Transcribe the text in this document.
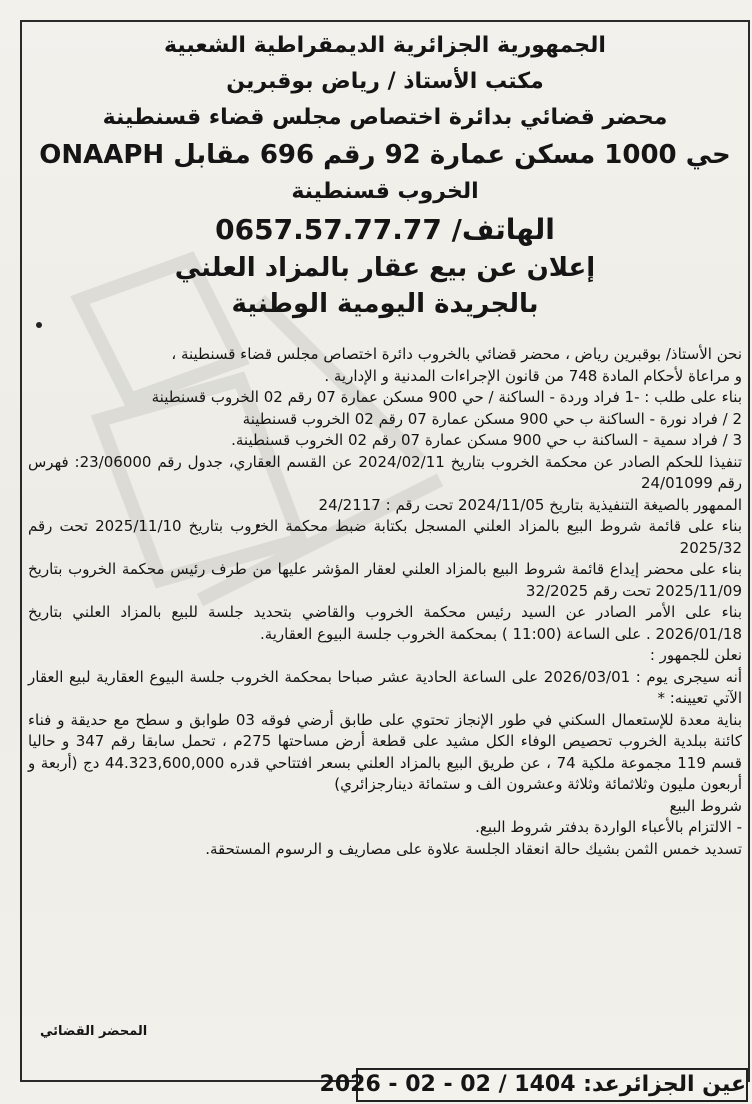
الجمهورية الجزائرية الديمقراطية الشعبية
مكتب الأستاذ / رياض بوقبرين
محضر قضائي بدائرة اختصاص مجلس قضاء قسنطينة
حي 1000 مسكن عمارة 92 رقم 696 مقابل ONAAPH
الخروب قسنطينة
الهاتف/ 0657.57.77.77
إعلان عن بيع عقار بالمزاد العلني
بالجريدة اليومية الوطنية

نحن الأستاذ/ بوقبرين رياض ، محضر قضائي بالخروب دائرة اختصاص مجلس قضاء قسنطينة ،

و مراعاة لأحكام المادة 748 من قانون الإجراءات المدنية و الإدارية .

بناء على طلب : -1 فراد وردة - الساكنة / حي 900 مسكن عمارة 07 رقم 02 الخروب قسنطينة

2 / فراد نورة - الساكنة ب حي 900 مسكن عمارة 07 رقم 02 الخروب قسنطينة

3 / فراد سمية - الساكنة ب حي 900 مسكن عمارة 07 رقم 02 الخروب قسنطينة.

تنفيذا للحكم الصادر عن محكمة الخروب بتاريخ 2024/02/11 عن القسم العقاري، جدول رقم 23/06000: فهرس رقم 24/01099

الممهور بالصيغة التنفيذية بتاريخ 2024/11/05 تحت رقم : 24/2117

بناء على قائمة شروط البيع بالمزاد العلني المسجل بكتابة ضبط محكمة الخروب بتاريخ 2025/11/10 تحت رقم 2025/32

بناء على محضر إيداع قائمة شروط البيع بالمزاد العلني لعقار المؤشر عليها من طرف رئيس محكمة الخروب بتاريخ 2025/11/09 تحت رقم 32/2025

بناء على الأمر الصادر عن السيد رئيس محكمة الخروب والقاضي بتحديد جلسة للبيع بالمزاد العلني بتاريخ 2026/01/18 . على الساعة (11:00 ) بمحكمة الخروب جلسة البيوع العقارية.

نعلن للجمهور :

أنه سيجرى يوم : 2026/03/01 على الساعة الحادية عشر صباحا بمحكمة الخروب جلسة البيوع العقارية لبيع العقار الآتي تعيينه: *

بناية معدة للإستعمال السكني في طور الإنجاز تحتوي على طابق أرضي فوقه 03 طوابق و سطح مع حديقة و فناء كائنة ببلدية الخروب تحصيص الوفاء الكل مشيد على قطعة أرض مساحتها 275م ، تحمل سابقا رقم 347 و حاليا قسم 119 مجموعة ملكية 74 ، عن طريق البيع بالمزاد العلني بسعر افتتاحي قدره 44.323,600,000 دج (أربعة و أربعون مليون وثلاثمائة وثلاثة وعشرون الف و ستمائة دينارجزائري)

شروط البيع

- الالتزام بالأعباء الواردة بدفتر شروط البيع.

تسديد خمس الثمن بشيك حالة انعقاد الجلسة علاوة على مصاريف و الرسوم المستحقة.

المحضر القضائي
عين الجزائرعد: 1404 / 02 - 02 - 2026
